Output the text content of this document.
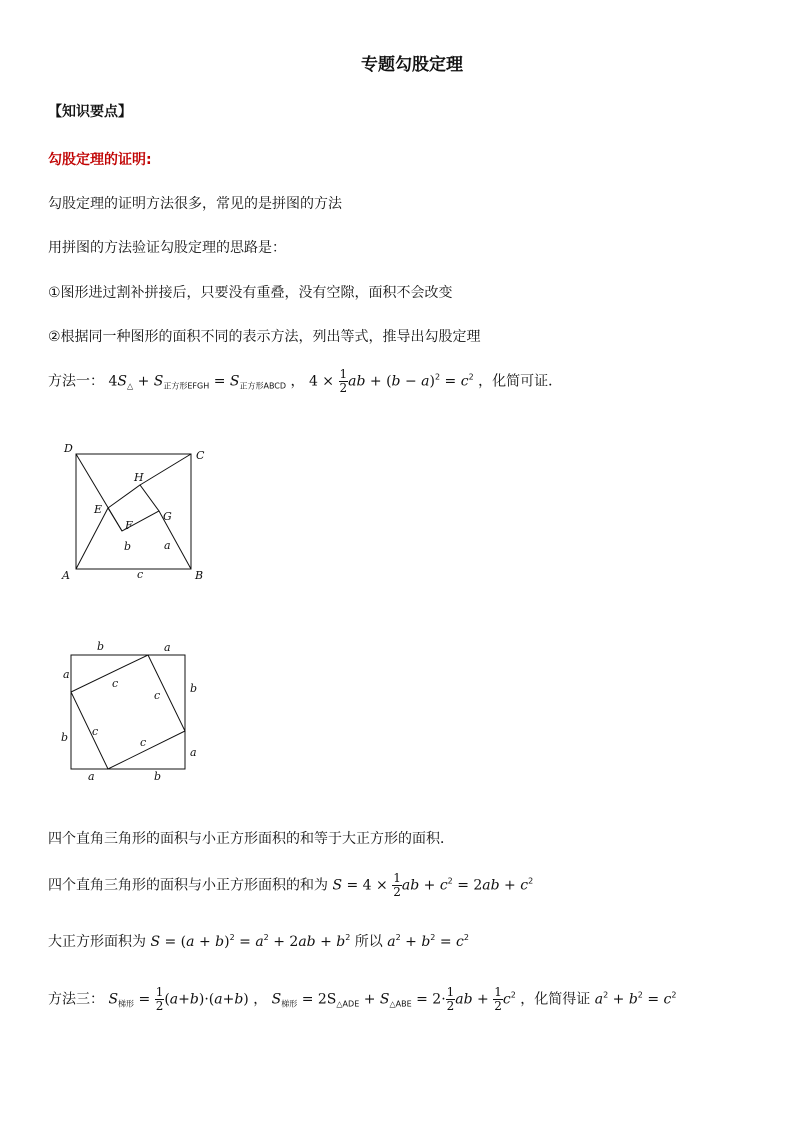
专题勾股定理
【知识要点】
勾股定理的证明:
勾股定理的证明方法很多，常见的是拼图的方法
用拼图的方法验证勾股定理的思路是：
①图形进过割补拼接后，只要没有重叠，没有空隙，面积不会改变
②根据同一种图形的面积不同的表示方法，列出等式，推导出勾股定理
方法一： $4S_\triangle + S_{正方形EFGH} = S_{正方形ABCD}$ ， $4 \times \frac{1}{2}$ ab + $(b - a)^2 = c^2$ ，化简可证．
D
C
A	B
H
E
F
G
b	a
c
b	a
a
b
b
a
a	b
c
c
c
c
四个直角三角形的面积与小正方形面积的和等于大正方形的面积．
四个直角三角形的面积与小正方形面积的和为 $S = 4 \times \frac{1}{2}$ ab + $c^2 = 2ab + c^2$
大正方形面积为 $S = (a + b)^2 = a^2 + 2ab + b^2$ 所以 $a^2 + b^2 = c^2$
方法三： $S_{梯形} = \frac{1}{2} (a+b)\cdot(a+b)$ ， $S_{梯形} = 2S_{\triangle ADE} + S_{\triangle ABE} = 2\cdot \frac{1}{2}$ ab + $\frac{1}{2} c^2$ ，化简得证 $a^2 + b^2 = c^2$
